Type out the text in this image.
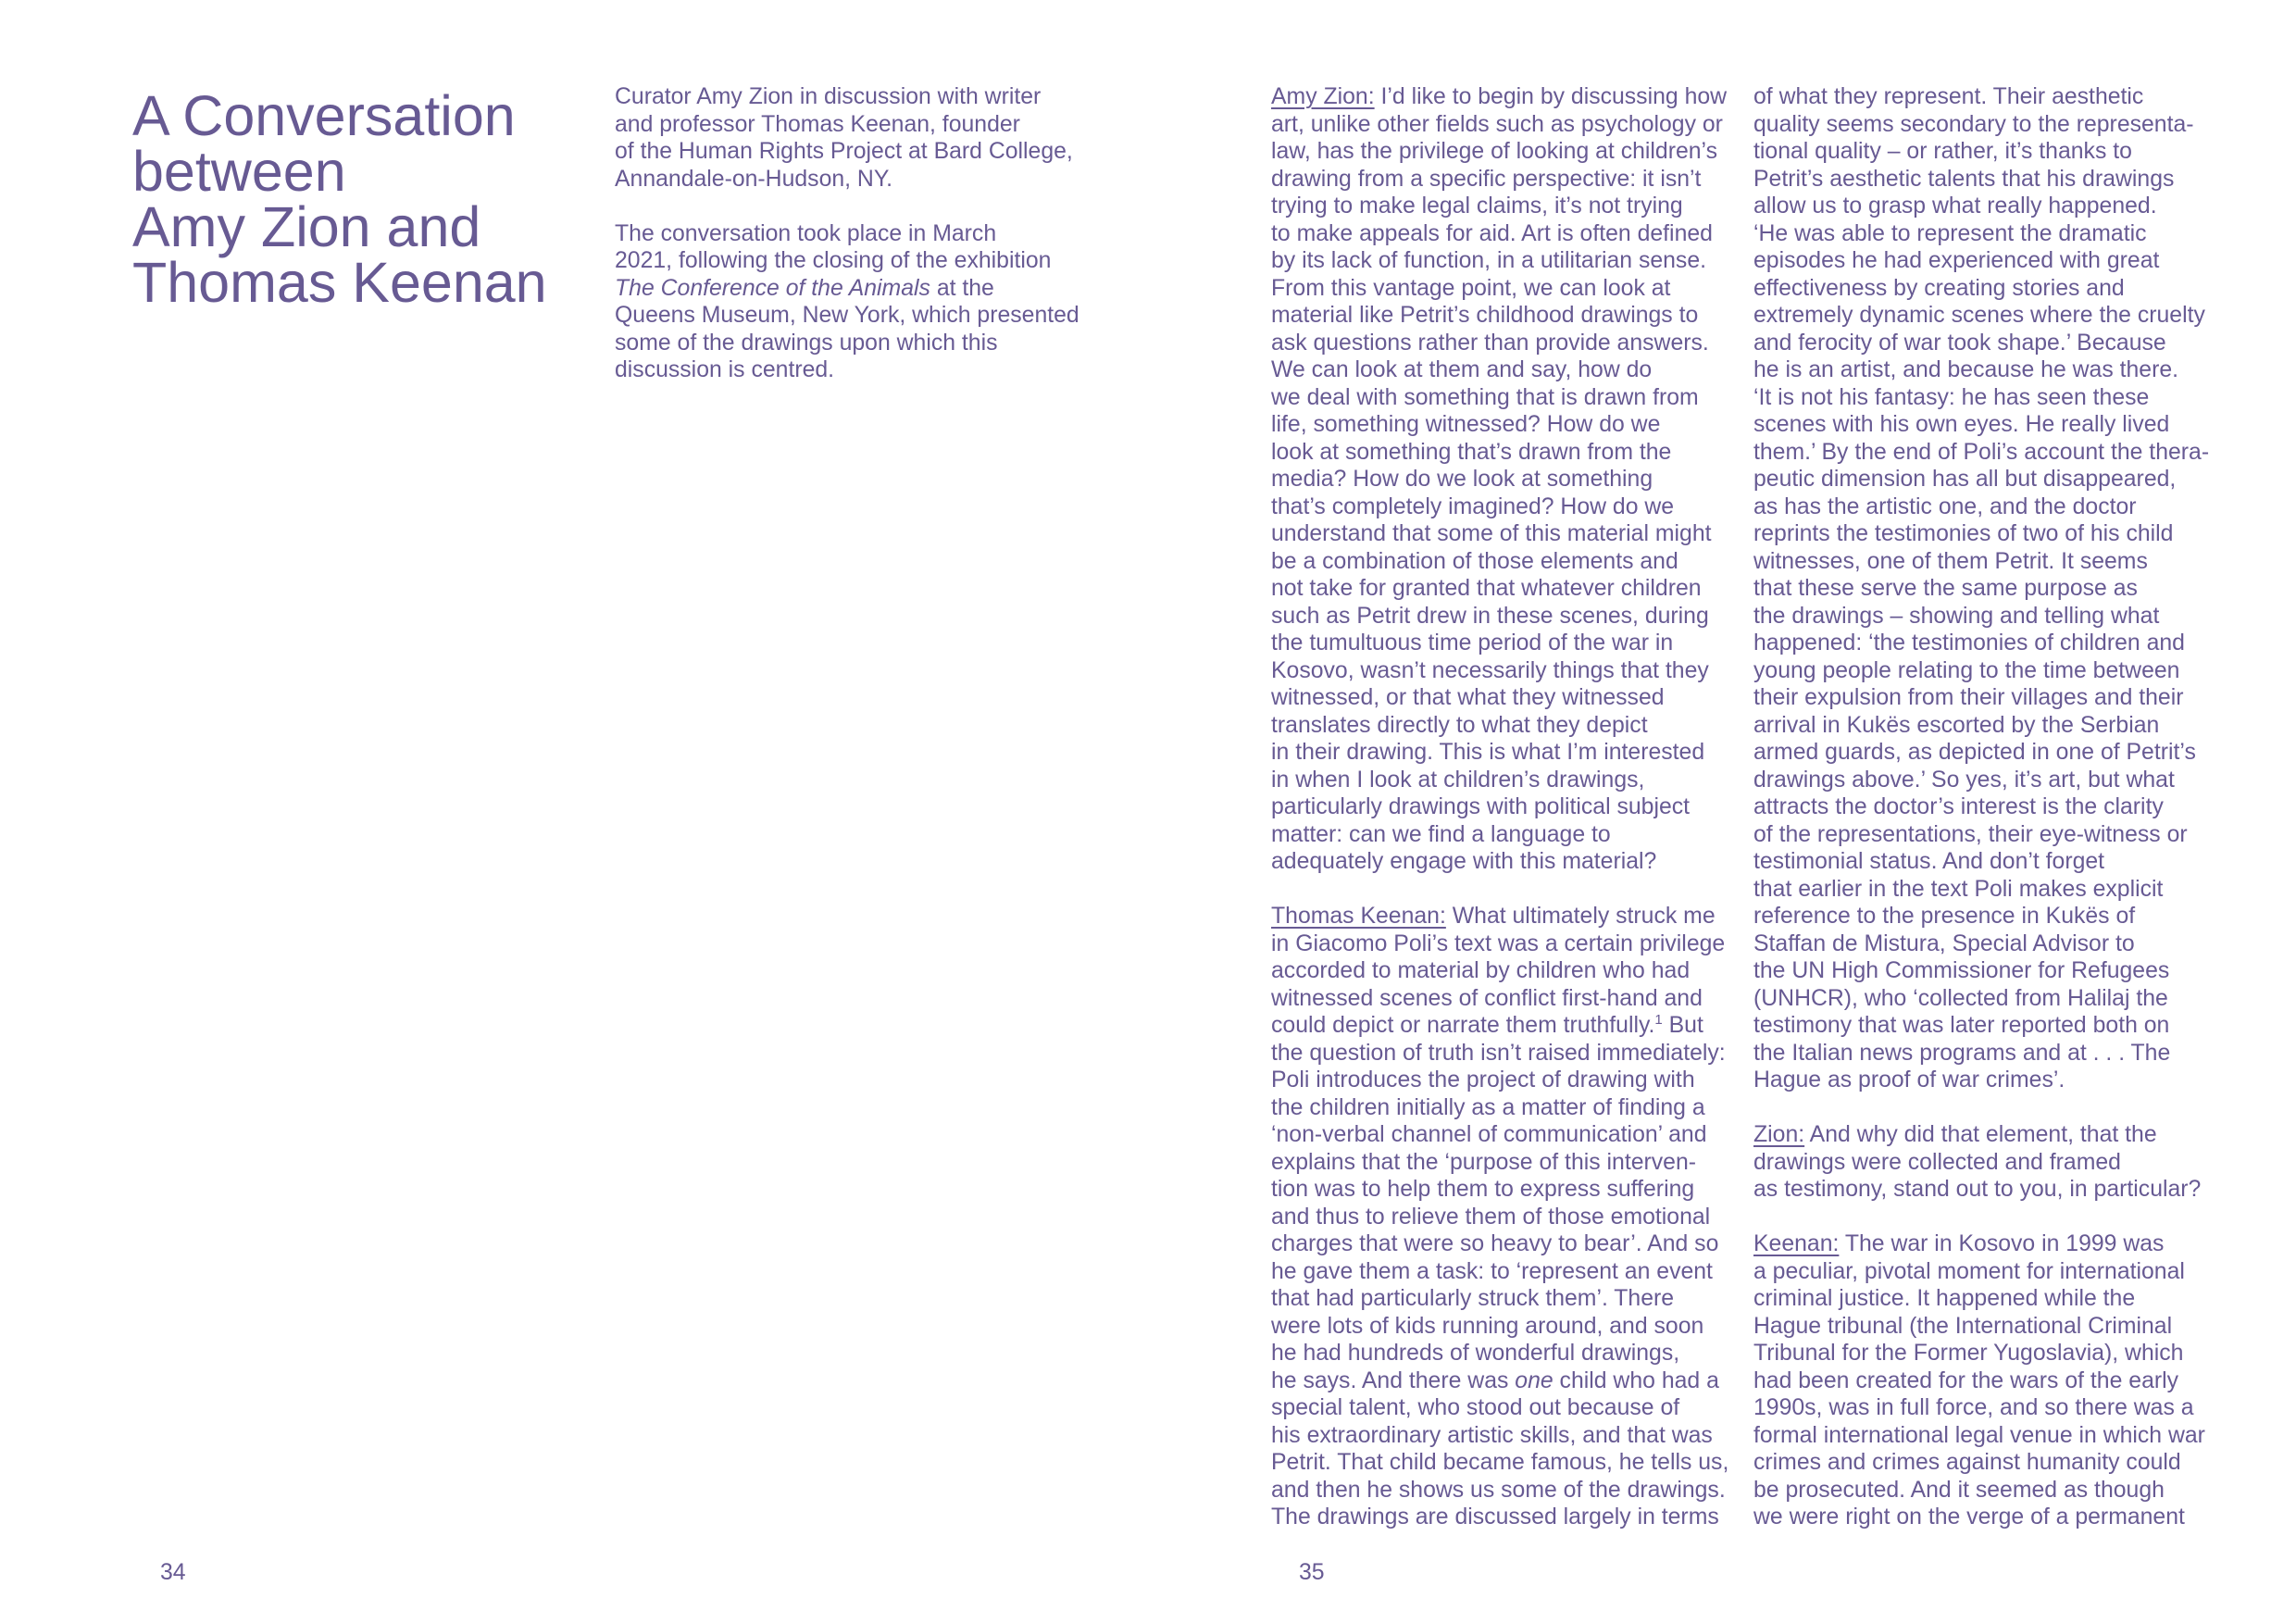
A Conversation
between
Amy Zion and
Thomas Keenan
Curator Amy Zion in discussion with writer
and professor Thomas Keenan, founder
of the Human Rights Project at Bard College,
Annandale-on-Hudson, NY.
The conversation took place in March
2021, following the closing of the exhibition
The Conference of the Animals at the
Queens Museum, New York, which presented
some of the drawings upon which this
discussion is centred.
34
Amy Zion: I’d like to begin by discussing how
art, unlike other fields such as psychology or
law, has the privilege of looking at children’s
drawing from a specific perspective: it isn’t
trying to make legal claims, it’s not trying
to make appeals for aid. Art is often defined
by its lack of function, in a utilitarian sense.
From this vantage point, we can look at
material like Petrit’s childhood drawings to
ask questions rather than provide answers.
We can look at them and say, how do
we deal with something that is drawn from
life, something witnessed? How do we
look at something that’s drawn from the
media? How do we look at something
that’s completely imagined? How do we
understand that some of this material might
be a combination of those elements and
not take for granted that whatever children
such as Petrit drew in these scenes, during
the tumultuous time period of the war in
Kosovo, wasn’t necessarily things that they
witnessed, or that what they witnessed
translates directly to what they depict
in their drawing. This is what I’m interested
in when I look at children’s drawings,
particularly drawings with political subject
matter: can we find a language to
adequately engage with this material?
Thomas Keenan: What ultimately struck me
in Giacomo Poli’s text was a certain privilege
accorded to material by children who had
witnessed scenes of conflict first-hand and
could depict or narrate them truthfully.$^1$ But
the question of truth isn’t raised immediately:
Poli introduces the project of drawing with
the children initially as a matter of finding a
‘non-verbal channel of communication’ and
explains that the ‘purpose of this interven-
tion was to help them to express suffering
and thus to relieve them of those emotional
charges that were so heavy to bear’. And so
he gave them a task: to ‘represent an event
that had particularly struck them’. There
were lots of kids running around, and soon
he had hundreds of wonderful drawings,
he says. And there was one child who had a
special talent, who stood out because of
his extraordinary artistic skills, and that was
Petrit. That child became famous, he tells us,
and then he shows us some of the drawings.
The drawings are discussed largely in terms
of what they represent. Their aesthetic
quality seems secondary to the representa-
tional quality – or rather, it’s thanks to
Petrit’s aesthetic talents that his drawings
allow us to grasp what really happened.
‘He was able to represent the dramatic
episodes he had experienced with great
effectiveness by creating stories and
extremely dynamic scenes where the cruelty
and ferocity of war took shape.’ Because
he is an artist, and because he was there.
‘It is not his fantasy: he has seen these
scenes with his own eyes. He really lived
them.’ By the end of Poli’s account the thera-
peutic dimension has all but disappeared,
as has the artistic one, and the doctor
reprints the testimonies of two of his child
witnesses, one of them Petrit. It seems
that these serve the same purpose as
the drawings – showing and telling what
happened: ‘the testimonies of children and
young people relating to the time between
their expulsion from their villages and their
arrival in Kukës escorted by the Serbian
armed guards, as depicted in one of Petrit’s
drawings above.’ So yes, it’s art, but what
attracts the doctor’s interest is the clarity
of the representations, their eye-witness or
testimonial status. And don’t forget
that earlier in the text Poli makes explicit
reference to the presence in Kukës of
Staffan de Mistura, Special Advisor to
the UN High Commissioner for Refugees
(UNHCR), who ‘collected from Halilaj the
testimony that was later reported both on
the Italian news programs and at . . . The
Hague as proof of war crimes’.
Zion: And why did that element, that the
drawings were collected and framed
as testimony, stand out to you, in particular?
Keenan: The war in Kosovo in 1999 was
a peculiar, pivotal moment for international
criminal justice. It happened while the
Hague tribunal (the International Criminal
Tribunal for the Former Yugoslavia), which
had been created for the wars of the early
1990s, was in full force, and so there was a
formal international legal venue in which war
crimes and crimes against humanity could
be prosecuted. And it seemed as though
we were right on the verge of a permanent
35
